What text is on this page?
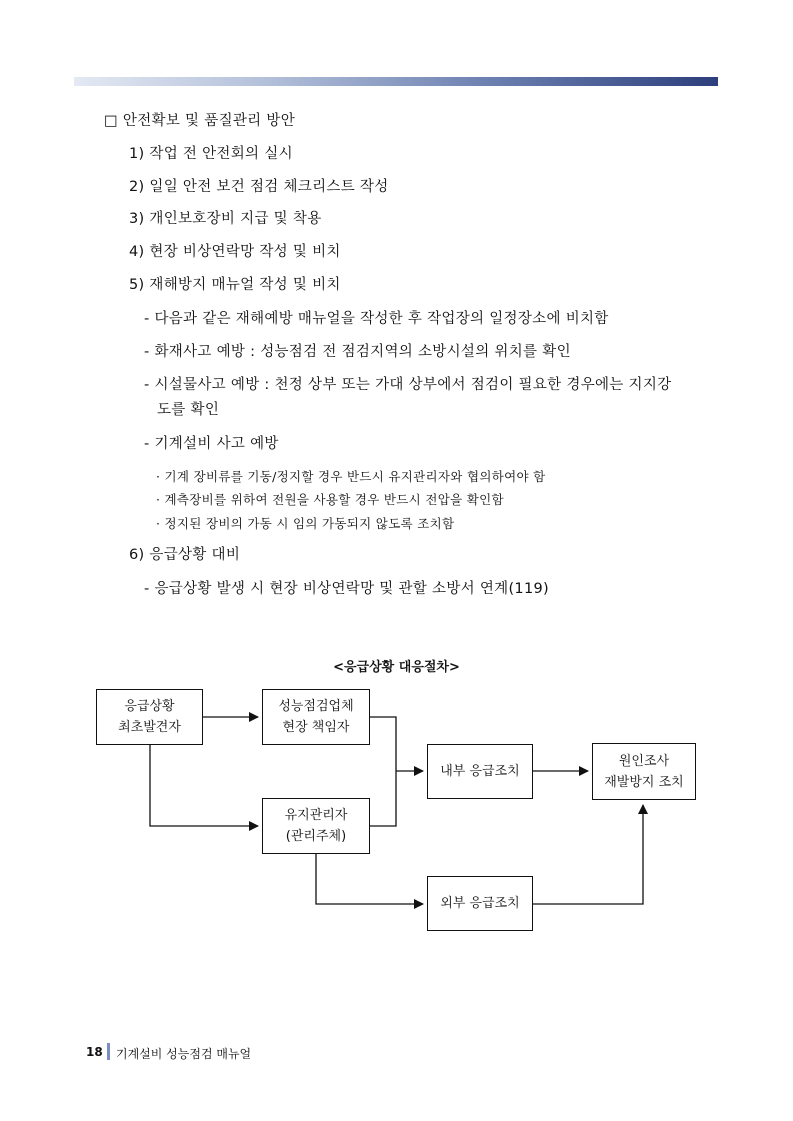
□ 안전확보 및 품질관리 방안
1) 작업 전 안전회의 실시
2) 일일 안전 보건 점검 체크리스트 작성
3) 개인보호장비 지급 및 착용
4) 현장 비상연락망 작성 및 비치
5) 재해방지 매뉴얼 작성 및 비치
- 다음과 같은 재해예방 매뉴얼을 작성한 후 작업장의 일정장소에 비치함
- 화재사고 예방 : 성능점검 전 점검지역의 소방시설의 위치를 확인
- 시설물사고 예방 : 천정 상부 또는 가대 상부에서 점검이 필요한 경우에는 지지강
도를 확인
- 기계설비 사고 예방
· 기계 장비류를 기동/정지할 경우 반드시 유지관리자와 협의하여야 함
· 계측장비를 위하여 전원을 사용할 경우 반드시 전압을 확인함
· 정지된 장비의 가동 시 임의 가동되지 않도록 조치함
6) 응급상황 대비
- 응급상황 발생 시 현장 비상연락망 및 관할 소방서 연계(119)
<응급상황 대응절차>
응급상황
최초발견자
성능점검업체
현장 책임자
유지관리자
(관리주체)
내부 응급조치
원인조사
재발방지 조치
외부 응급조치
18 기계설비 성능점검 매뉴얼
